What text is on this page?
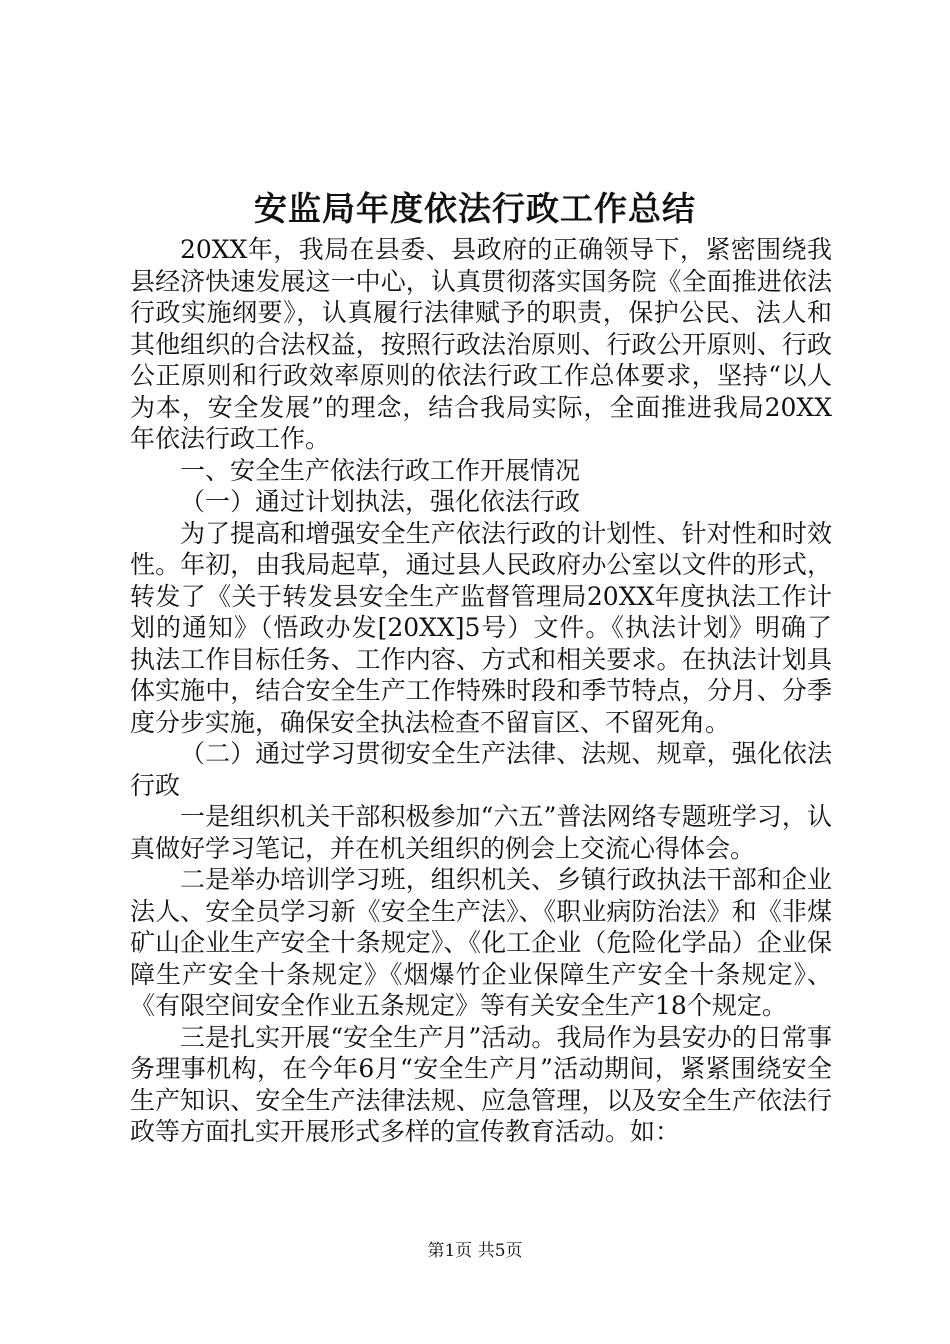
安监局年度依法行政工作总结

20XX年，我局在县委、县政府的正确领导下，紧密围绕我县经济快速发展这一中心，认真贯彻落实国务院《全面推进依法行政实施纲要》，认真履行法律赋予的职责，保护公民、法人和其他组织的合法权益，按照行政法治原则、行政公开原则、行政公正原则和行政效率原则的依法行政工作总体要求，坚持“以人为本，安全发展”的理念，结合我局实际，全面推进我局20XX年依法行政工作。

一、安全生产依法行政工作开展情况

（一）通过计划执法，强化依法行政

为了提高和增强安全生产依法行政的计划性、针对性和时效性。年初，由我局起草，通过县人民政府办公室以文件的形式，转发了《关于转发县安全生产监督管理局20XX年度执法工作计划的通知》（悟政办发[20XX]5号）文件。《执法计划》明确了执法工作目标任务、工作内容、方式和相关要求。在执法计划具体实施中，结合安全生产工作特殊时段和季节特点，分月、分季度分步实施，确保安全执法检查不留盲区、不留死角。

（二）通过学习贯彻安全生产法律、法规、规章，强化依法行政

一是组织机关干部积极参加“六五”普法网络专题班学习，认真做好学习笔记，并在机关组织的例会上交流心得体会。

二是举办培训学习班，组织机关、乡镇行政执法干部和企业法人、安全员学习新《安全生产法》、《职业病防治法》和《非煤矿山企业生产安全十条规定》、《化工企业（危险化学品）企业保障生产安全十条规定》《烟爆竹企业保障生产安全十条规定》、《有限空间安全作业五条规定》等有关安全生产18个规定。

三是扎实开展“安全生产月”活动。我局作为县安办的日常事务理事机构，在今年6月“安全生产月”活动期间，紧紧围绕安全生产知识、安全生产法律法规、应急管理，以及安全生产依法行政等方面扎实开展形式多样的宣传教育活动。如：

第1页 共5页
